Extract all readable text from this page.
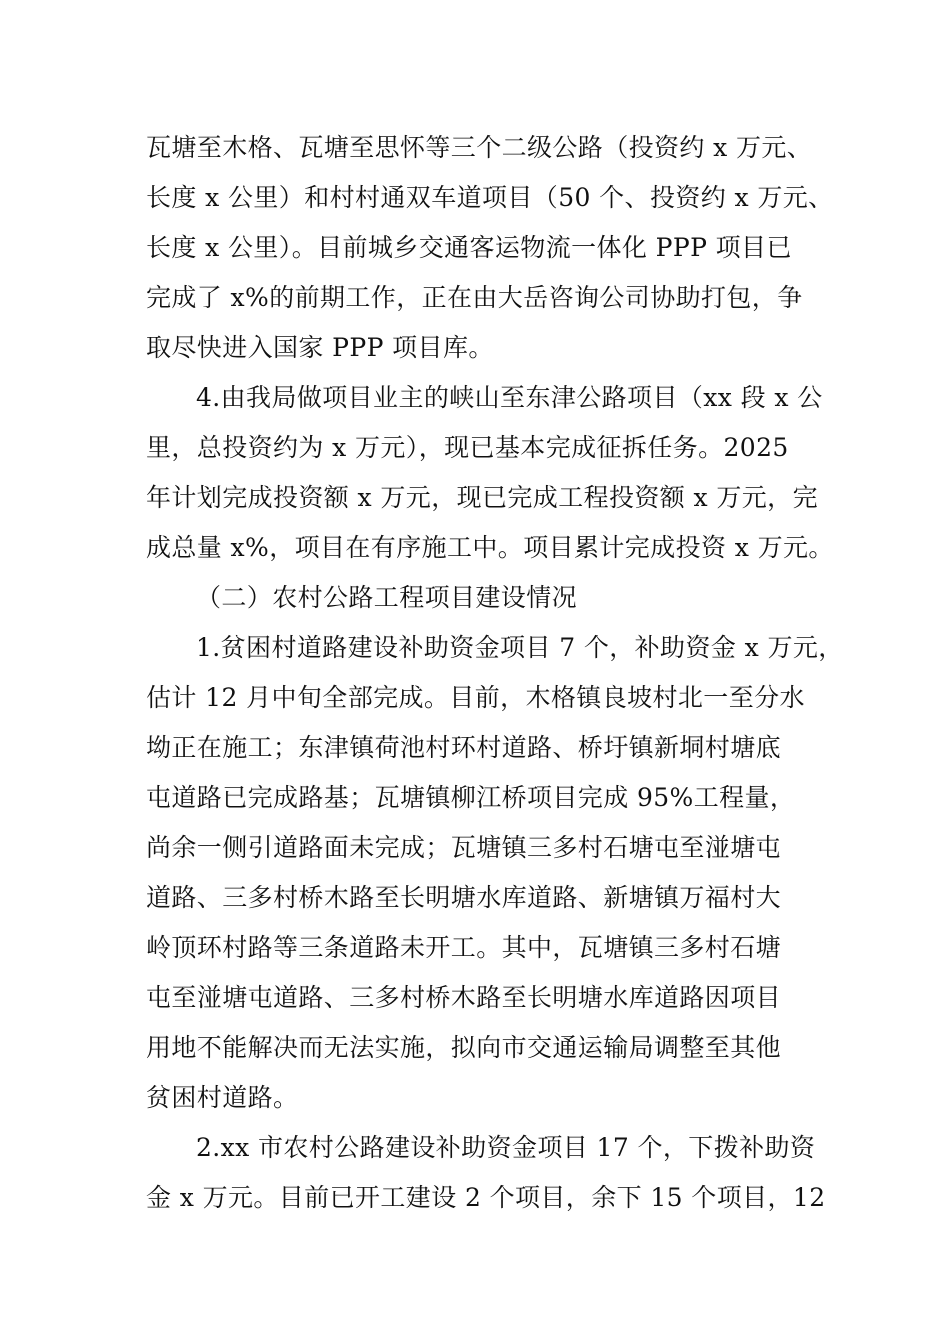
瓦塘至木格、瓦塘至思怀等三个二级公路（投资约 x 万元、
长度 x 公里）和村村通双车道项目（50 个、投资约 x 万元、
长度 x 公里）。目前城乡交通客运物流一体化 PPP 项目已
完成了 x%的前期工作，正在由大岳咨询公司协助打包，争
取尽快进入国家 PPP 项目库。
4.由我局做项目业主的峡山至东津公路项目（xx 段 x 公
里，总投资约为 x 万元），现已基本完成征拆任务。2025
年计划完成投资额 x 万元，现已完成工程投资额 x 万元，完
成总量 x%，项目在有序施工中。项目累计完成投资 x 万元。
（二）农村公路工程项目建设情况
1.贫困村道路建设补助资金项目 7 个，补助资金 x 万元，
估计 12 月中旬全部完成。目前，木格镇良坡村北一至分水
坳正在施工；东津镇荷池村环村道路、桥圩镇新垌村塘底
屯道路已完成路基；瓦塘镇柳江桥项目完成 95%工程量，
尚余一侧引道路面未完成；瓦塘镇三多村石塘屯至湴塘屯
道路、三多村桥木路至长明塘水库道路、新塘镇万福村大
岭顶环村路等三条道路未开工。其中，瓦塘镇三多村石塘
屯至湴塘屯道路、三多村桥木路至长明塘水库道路因项目
用地不能解决而无法实施，拟向市交通运输局调整至其他
贫困村道路。
2.xx 市农村公路建设补助资金项目 17 个，下拨补助资
金 x 万元。目前已开工建设 2 个项目，余下 15 个项目，12
